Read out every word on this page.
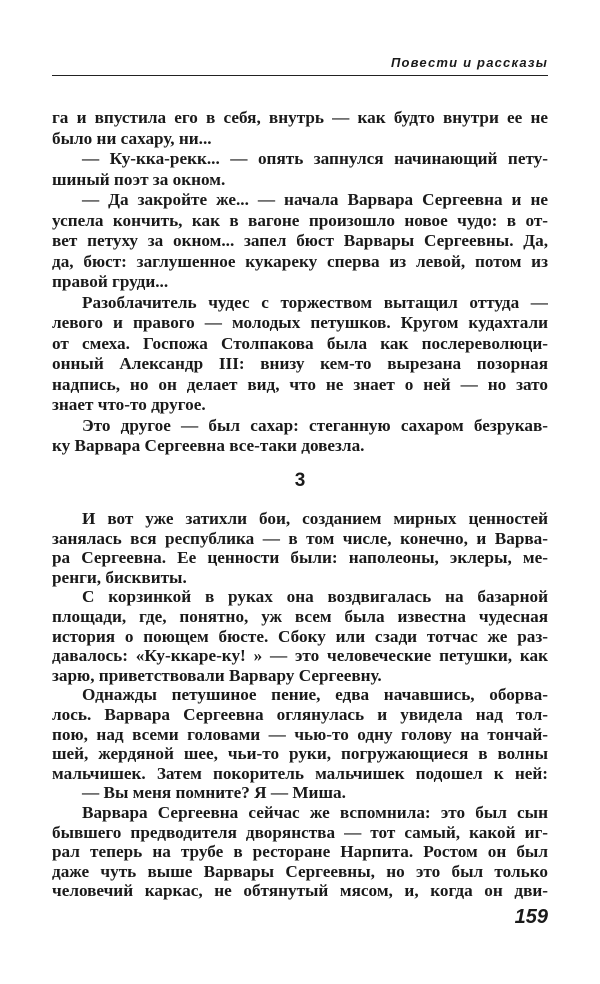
Повести и рассказы
га и впустила его в себя, внутрь — как будто внутри ее не
было ни сахару, ни...
— Ку-кка-рекк... — опять запнулся начинающий пету-
шиный поэт за окном.
— Да закройте же... — начала Варвара Сергеевна и не
успела кончить, как в вагоне произошло новое чудо: в от-
вет петуху за окном... запел бюст Варвары Сергеевны. Да,
да, бюст: заглушенное кукареку сперва из левой, потом из
правой груди...
Разоблачитель чудес с торжеством вытащил оттуда —
левого и правого — молодых петушков. Кругом кудахтали
от смеха. Госпожа Столпакова была как послереволюци-
онный Александр III: внизу кем-то вырезана позорная
надпись, но он делает вид, что не знает о ней — но зато
знает что-то другое.
Это другое — был сахар: стеганную сахаром безрукав-
ку Варвара Сергеевна все-таки довезла.
3
И вот уже затихли бои, созданием мирных ценностей
занялась вся республика — в том числе, конечно, и Варва-
ра Сергеевна. Ее ценности были: наполеоны, эклеры, ме-
ренги, бисквиты.
С корзинкой в руках она воздвигалась на базарной
площади, где, понятно, уж всем была известна чудесная
история о поющем бюсте. Сбоку или сзади тотчас же раз-
давалось: «Ку-ккаре-ку! » — это человеческие петушки, как
зарю, приветствовали Варвару Сергеевну.
Однажды петушиное пение, едва начавшись, оборва-
лось. Варвара Сергеевна оглянулась и увидела над тол-
пою, над всеми головами — чью-то одну голову на тончай-
шей, жердяной шее, чьи-то руки, погружающиеся в волны
мальчишек. Затем покоритель мальчишек подошел к ней:
— Вы меня помните? Я — Миша.
Варвара Сергеевна сейчас же вспомнила: это был сын
бывшего предводителя дворянства — тот самый, какой иг-
рал теперь на трубе в ресторане Нарпита. Ростом он был
даже чуть выше Варвары Сергеевны, но это был только
человечий каркас, не обтянутый мясом, и, когда он дви-
159
